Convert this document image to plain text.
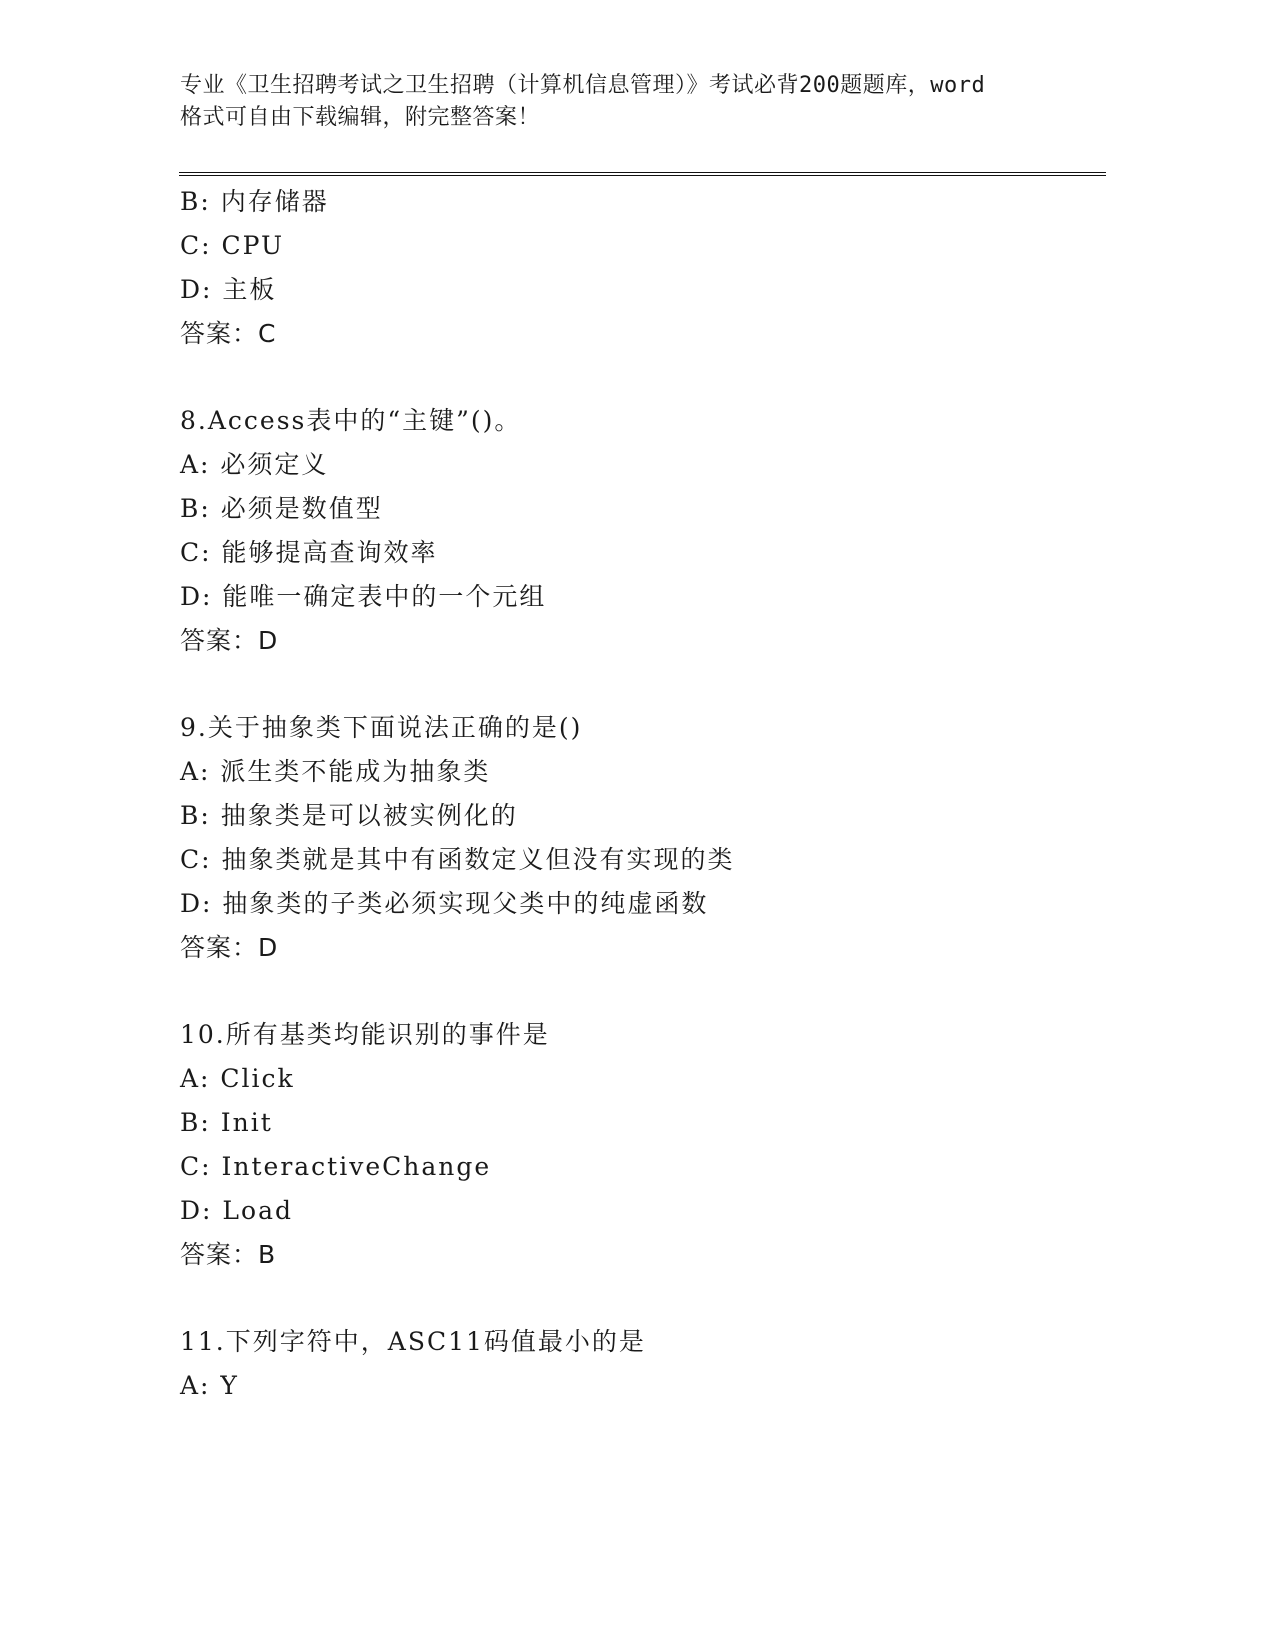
专业《卫生招聘考试之卫生招聘（计算机信息管理）》考试必背200题题库，word
格式可自由下载编辑，附完整答案！
B: 内存储器
C: CPU
D: 主板
答案：C
8.Access表中的“主键”()。
A: 必须定义
B: 必须是数值型
C: 能够提高查询效率
D: 能唯一确定表中的一个元组
答案：D
9.关于抽象类下面说法正确的是()
A: 派生类不能成为抽象类
B: 抽象类是可以被实例化的
C: 抽象类就是其中有函数定义但没有实现的类
D: 抽象类的子类必须实现父类中的纯虚函数
答案：D
10.所有基类均能识别的事件是
A: Click
B: Init
C: InteractiveChange
D: Load
答案：B
11.下列字符中，ASC11码值最小的是
A: Y
